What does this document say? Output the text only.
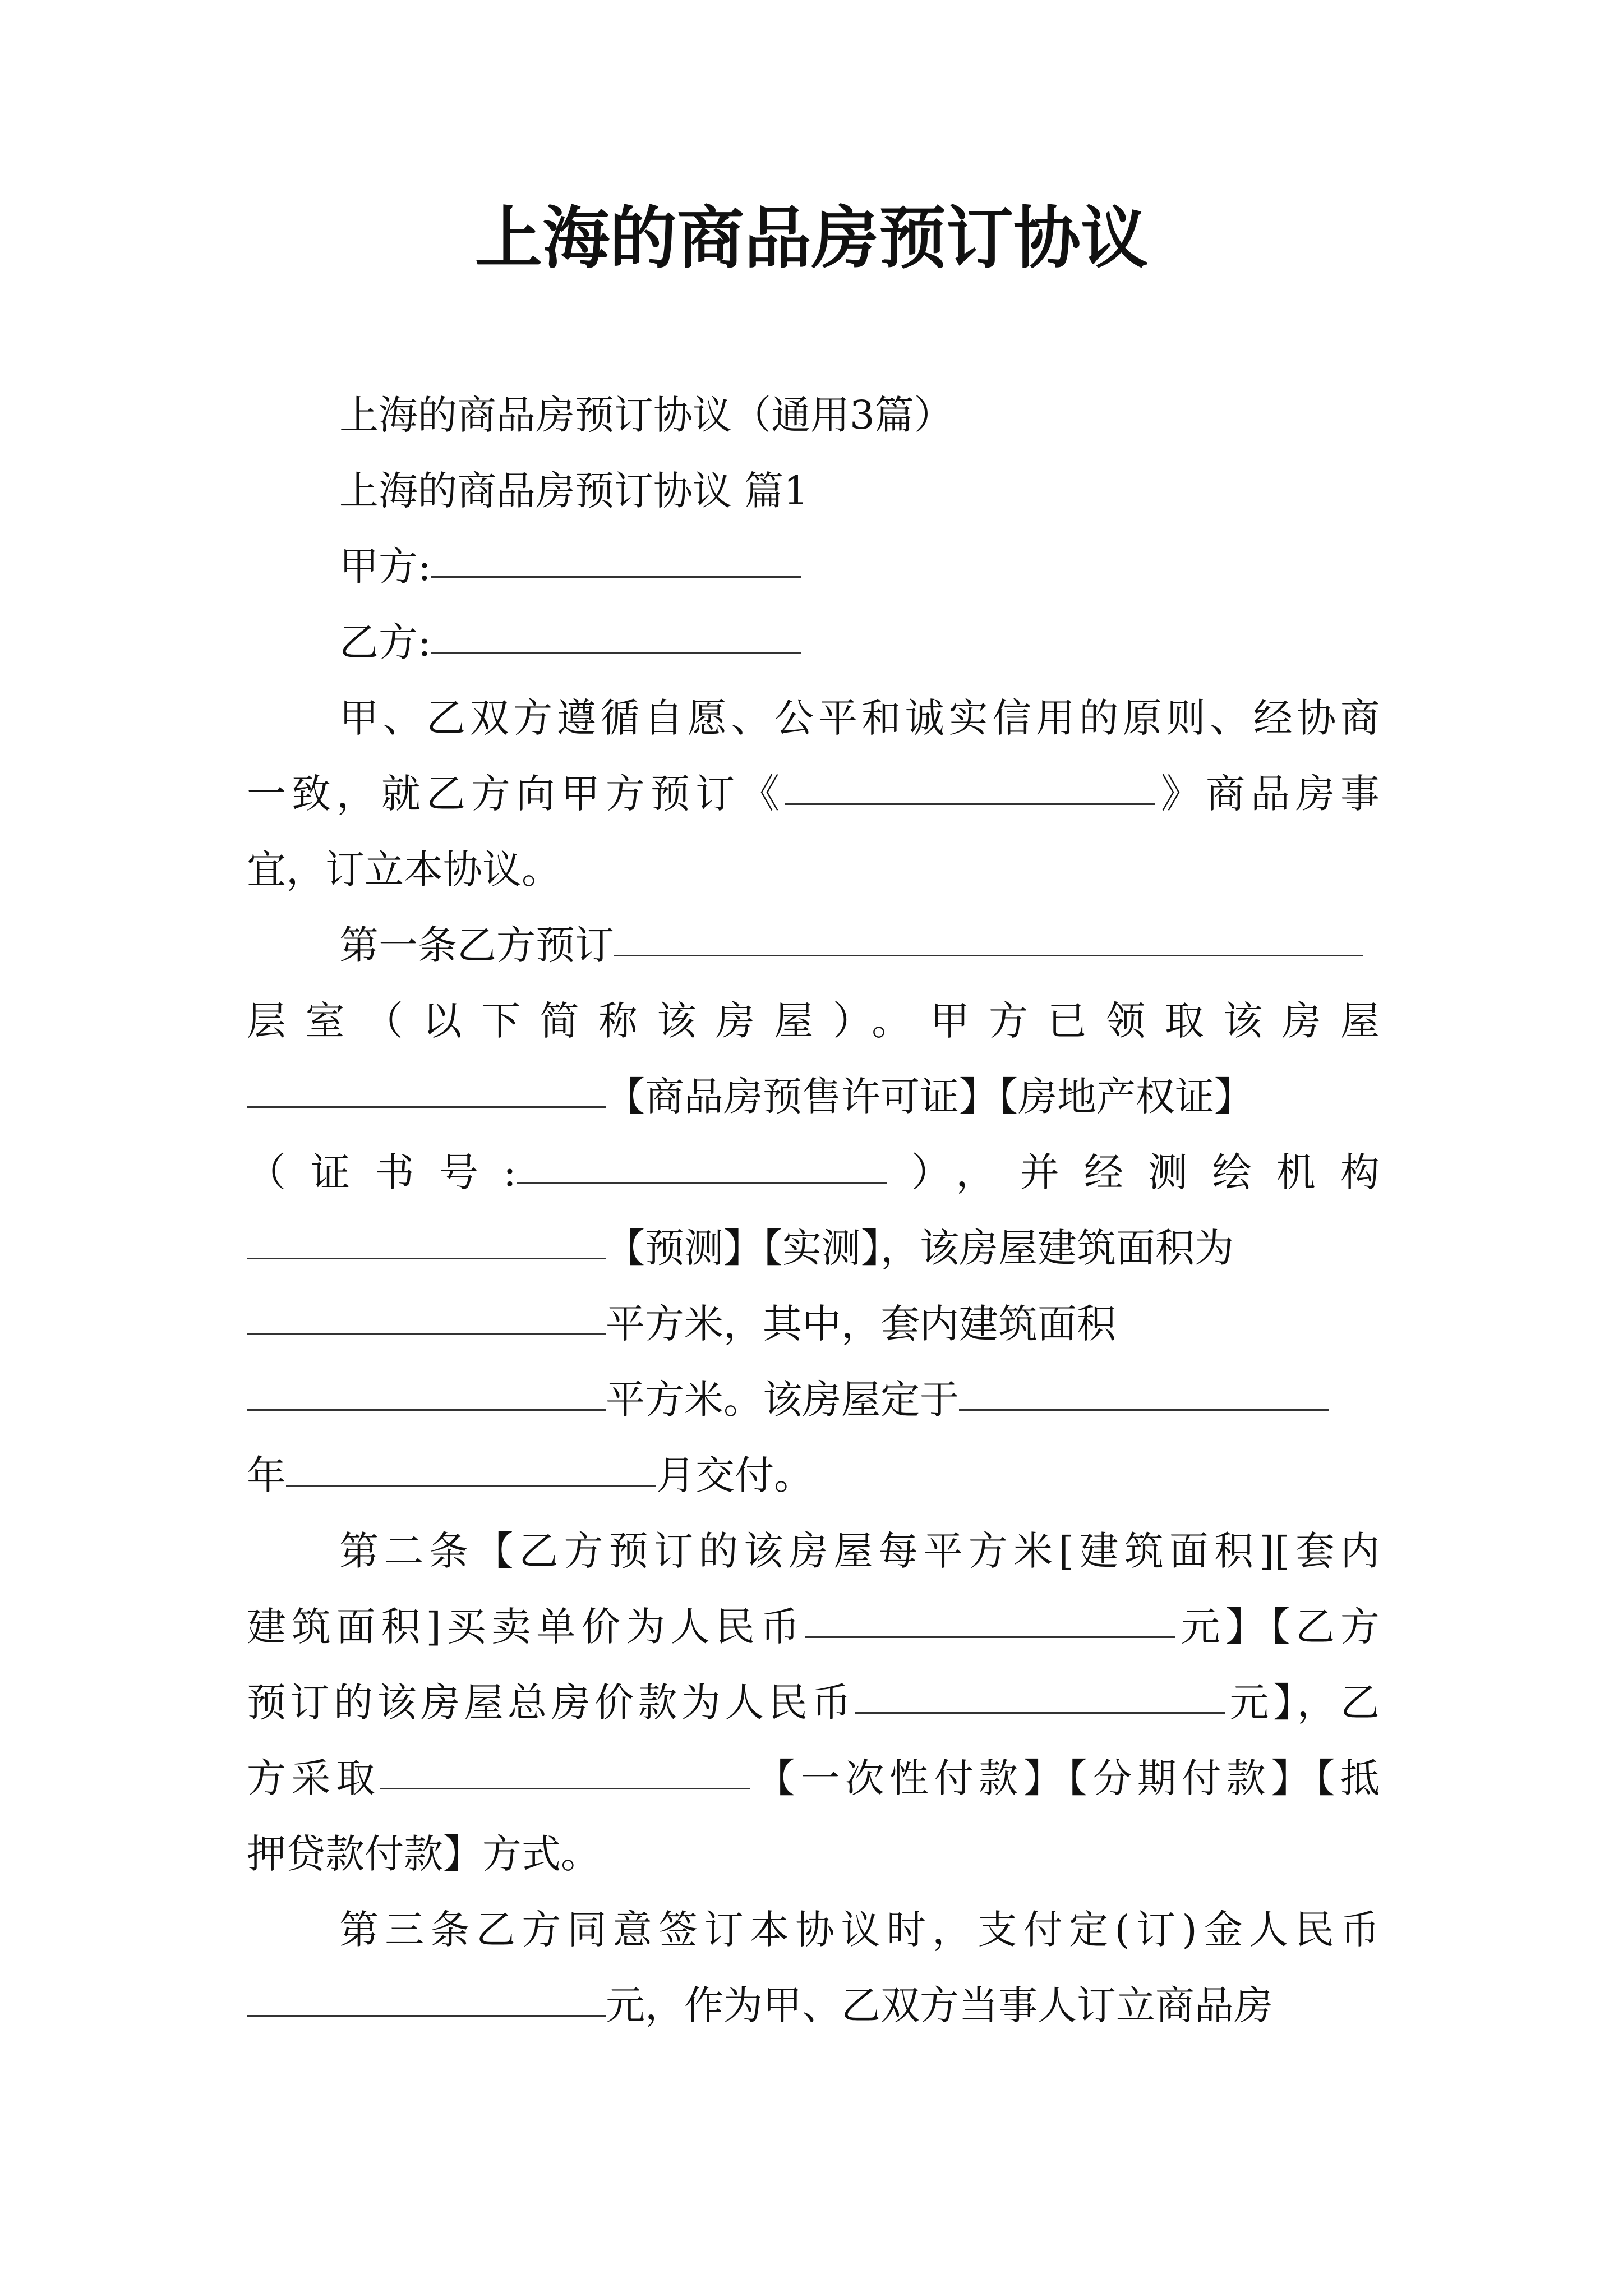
上海的商品房预订协议
上海的商品房预订协议（通用3篇）
上海的商品房预订协议 篇1
甲方:
乙方:
甲、乙双方遵循自愿、公平和诚实信用的原则、经协商
一致，就乙方向甲方预订《	》商品房事
宜，订立本协议。
第一条乙方预订
层室（以下简称该房屋）。甲方已领取该房屋
【商品房预售许可证】【房地产权证】
（证书号:	），并经测绘机构
【预测】【实测】，该房屋建筑面积为
平方米，其中，套内建筑面积
平方米。该房屋定于
年	月交付。
第二条【乙方预订的该房屋每平方米[建筑面积][套内
建筑面积]买卖单价为人民币	元】【乙方
预订的该房屋总房价款为人民币	元】，乙
方采取	【一次性付款】【分期付款】【抵
押贷款付款】方式。
第三条乙方同意签订本协议时，支付定(订)金人民币
元，作为甲、乙双方当事人订立商品房
